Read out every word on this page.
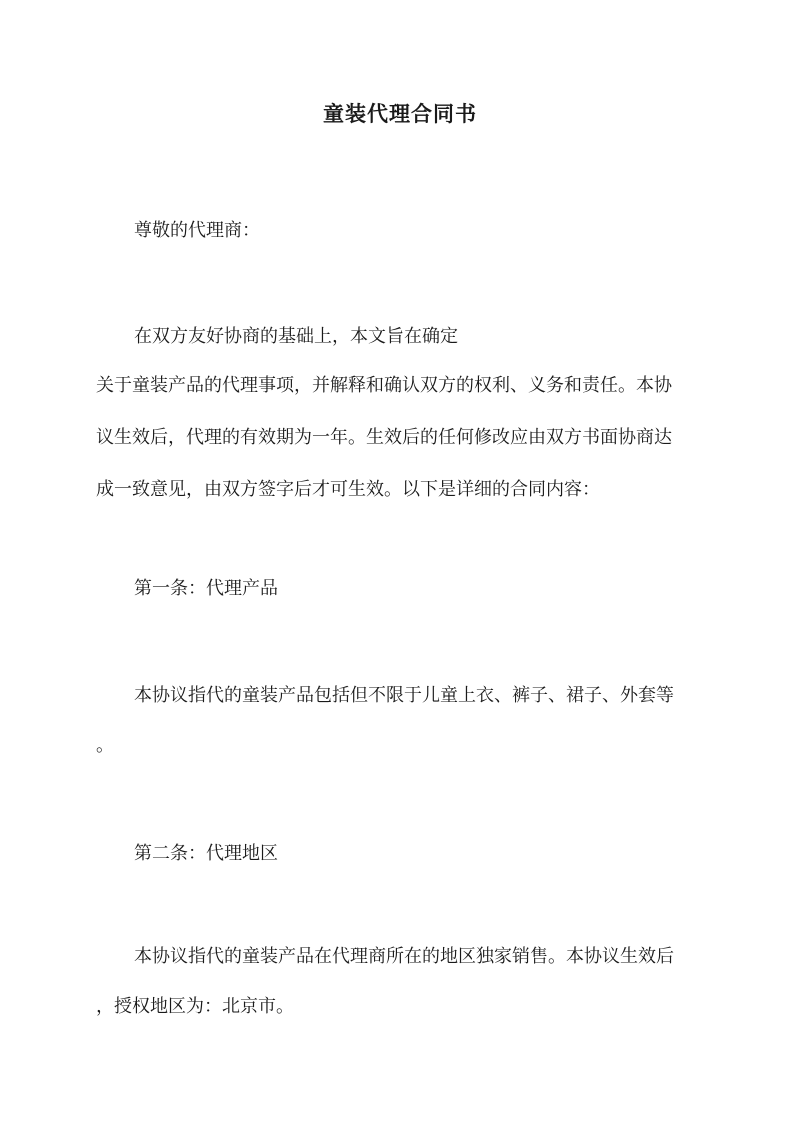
童装代理合同书
尊敬的代理商：
在双方友好协商的基础上，本文旨在确定
关于童装产品的代理事项，并解释和确认双方的权利、义务和责任。本协
议生效后，代理的有效期为一年。生效后的任何修改应由双方书面协商达
成一致意见，由双方签字后才可生效。以下是详细的合同内容：
第一条：代理产品
本协议指代的童装产品包括但不限于儿童上衣、裤子、裙子、外套等
。
第二条：代理地区
本协议指代的童装产品在代理商所在的地区独家销售。本协议生效后
，授权地区为：北京市。
